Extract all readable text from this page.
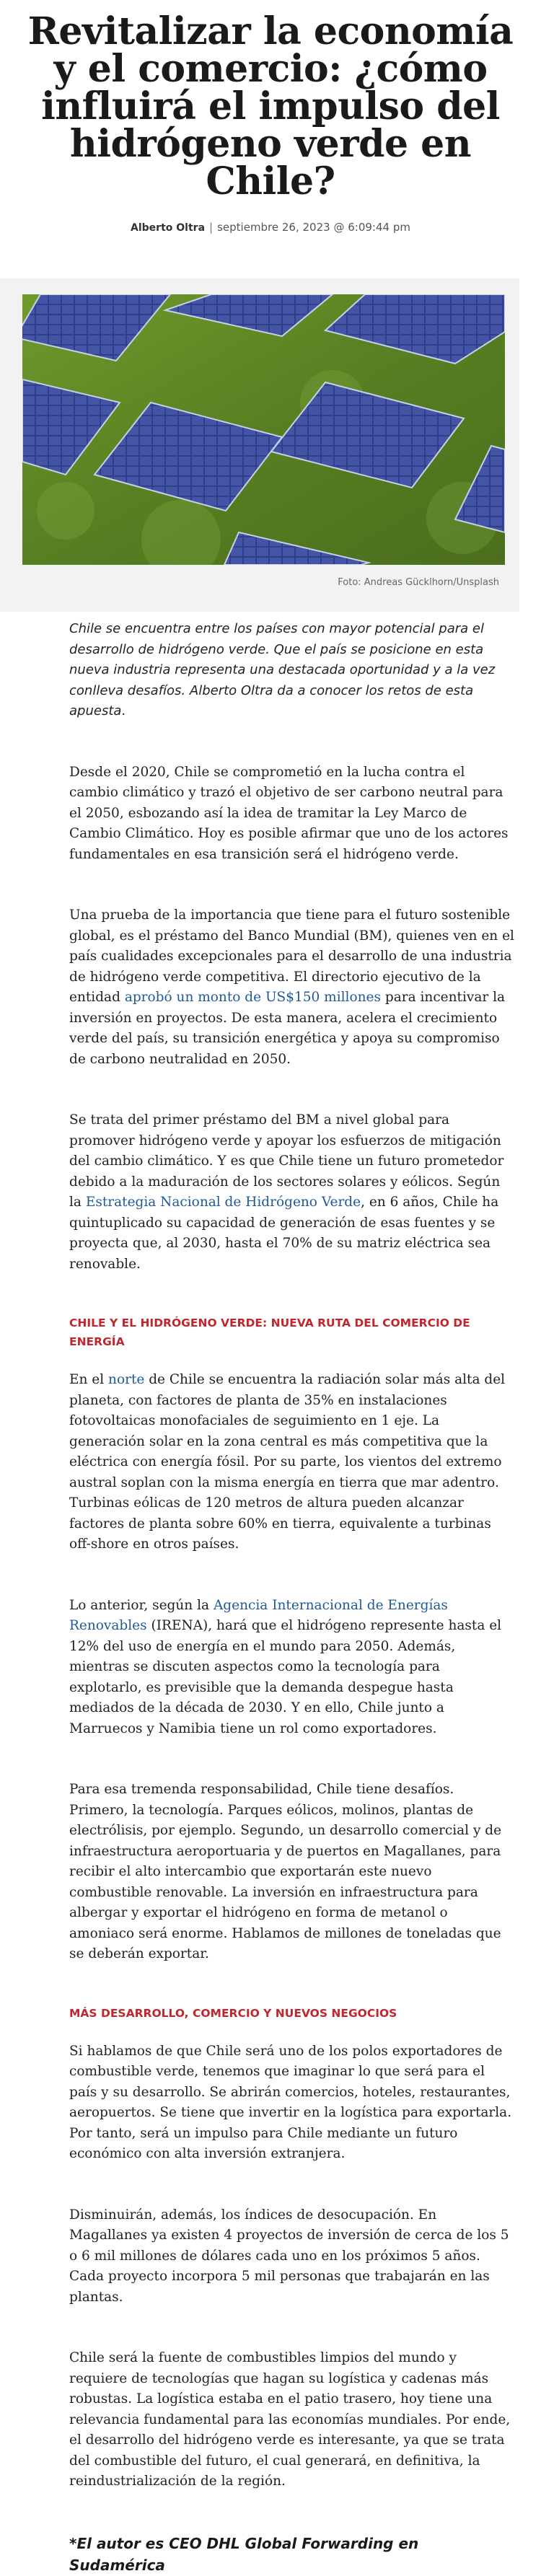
Revitalizar la economía y el comercio: ¿cómo influirá el impulso del hidrógeno verde en Chile?
Alberto Oltra | septiembre 26, 2023 @ 6:09:44 pm
Foto: Andreas Gücklhorn/Unsplash

Chile se encuentra entre los países con mayor potencial para el desarrollo de hidrógeno verde. Que el país se posicione en esta nueva industria representa una destacada oportunidad y a la vez conlleva desafíos. Alberto Oltra da a conocer los retos de esta apuesta.

Desde el 2020, Chile se comprometió en la lucha contra el cambio climático y trazó el objetivo de ser carbono neutral para el 2050, esbozando así la idea de tramitar la Ley Marco de Cambio Climático. Hoy es posible afirmar que uno de los actores fundamentales en esa transición será el hidrógeno verde.

Una prueba de la importancia que tiene para el futuro sostenible global, es el préstamo del Banco Mundial (BM), quienes ven en el país cualidades excepcionales para el desarrollo de una industria de hidrógeno verde competitiva. El directorio ejecutivo de la entidad aprobó un monto de US$150 millones para incentivar la inversión en proyectos. De esta manera, acelera el crecimiento verde del país, su transición energética y apoya su compromiso de carbono neutralidad en 2050.

Se trata del primer préstamo del BM a nivel global para promover hidrógeno verde y apoyar los esfuerzos de mitigación del cambio climático. Y es que Chile tiene un futuro prometedor debido a la maduración de los sectores solares y eólicos. Según la Estrategia Nacional de Hidrógeno Verde, en 6 años, Chile ha quintuplicado su capacidad de generación de esas fuentes y se proyecta que, al 2030, hasta el 70% de su matriz eléctrica sea renovable.

CHILE Y EL HIDRÓGENO VERDE: NUEVA RUTA DEL COMERCIO DE ENERGÍA

En el norte de Chile se encuentra la radiación solar más alta del planeta, con factores de planta de 35% en instalaciones fotovoltaicas monofaciales de seguimiento en 1 eje. La generación solar en la zona central es más competitiva que la eléctrica con energía fósil. Por su parte, los vientos del extremo austral soplan con la misma energía en tierra que mar adentro. Turbinas eólicas de 120 metros de altura pueden alcanzar factores de planta sobre 60% en tierra, equivalente a turbinas off-shore en otros países.

Lo anterior, según la Agencia Internacional de Energías Renovables (IRENA), hará que el hidrógeno represente hasta el 12% del uso de energía en el mundo para 2050. Además, mientras se discuten aspectos como la tecnología para explotarlo, es previsible que la demanda despegue hasta mediados de la década de 2030. Y en ello, Chile junto a Marruecos y Namibia tiene un rol como exportadores.

Para esa tremenda responsabilidad, Chile tiene desafíos. Primero, la tecnología. Parques eólicos, molinos, plantas de electrólisis, por ejemplo. Segundo, un desarrollo comercial y de infraestructura aeroportuaria y de puertos en Magallanes, para recibir el alto intercambio que exportarán este nuevo combustible renovable. La inversión en infraestructura para albergar y exportar el hidrógeno en forma de metanol o amoniaco será enorme. Hablamos de millones de toneladas que se deberán exportar.

MÁS DESARROLLO, COMERCIO Y NUEVOS NEGOCIOS

Si hablamos de que Chile será uno de los polos exportadores de combustible verde, tenemos que imaginar lo que será para el país y su desarrollo. Se abrirán comercios, hoteles, restaurantes, aeropuertos. Se tiene que invertir en la logística para exportarla. Por tanto, será un impulso para Chile mediante un futuro económico con alta inversión extranjera.

Disminuirán, además, los índices de desocupación. En Magallanes ya existen 4 proyectos de inversión de cerca de los 5 o 6 mil millones de dólares cada uno en los próximos 5 años. Cada proyecto incorpora 5 mil personas que trabajarán en las plantas.

Chile será la fuente de combustibles limpios del mundo y requiere de tecnologías que hagan su logística y cadenas más robustas. La logística estaba en el patio trasero, hoy tiene una relevancia fundamental para las economías mundiales. Por ende, el desarrollo del hidrógeno verde es interesante, ya que se trata del combustible del futuro, el cual generará, en definitiva, la reindustrialización de la región.

*El autor es CEO DHL Global Forwarding en Sudamérica
